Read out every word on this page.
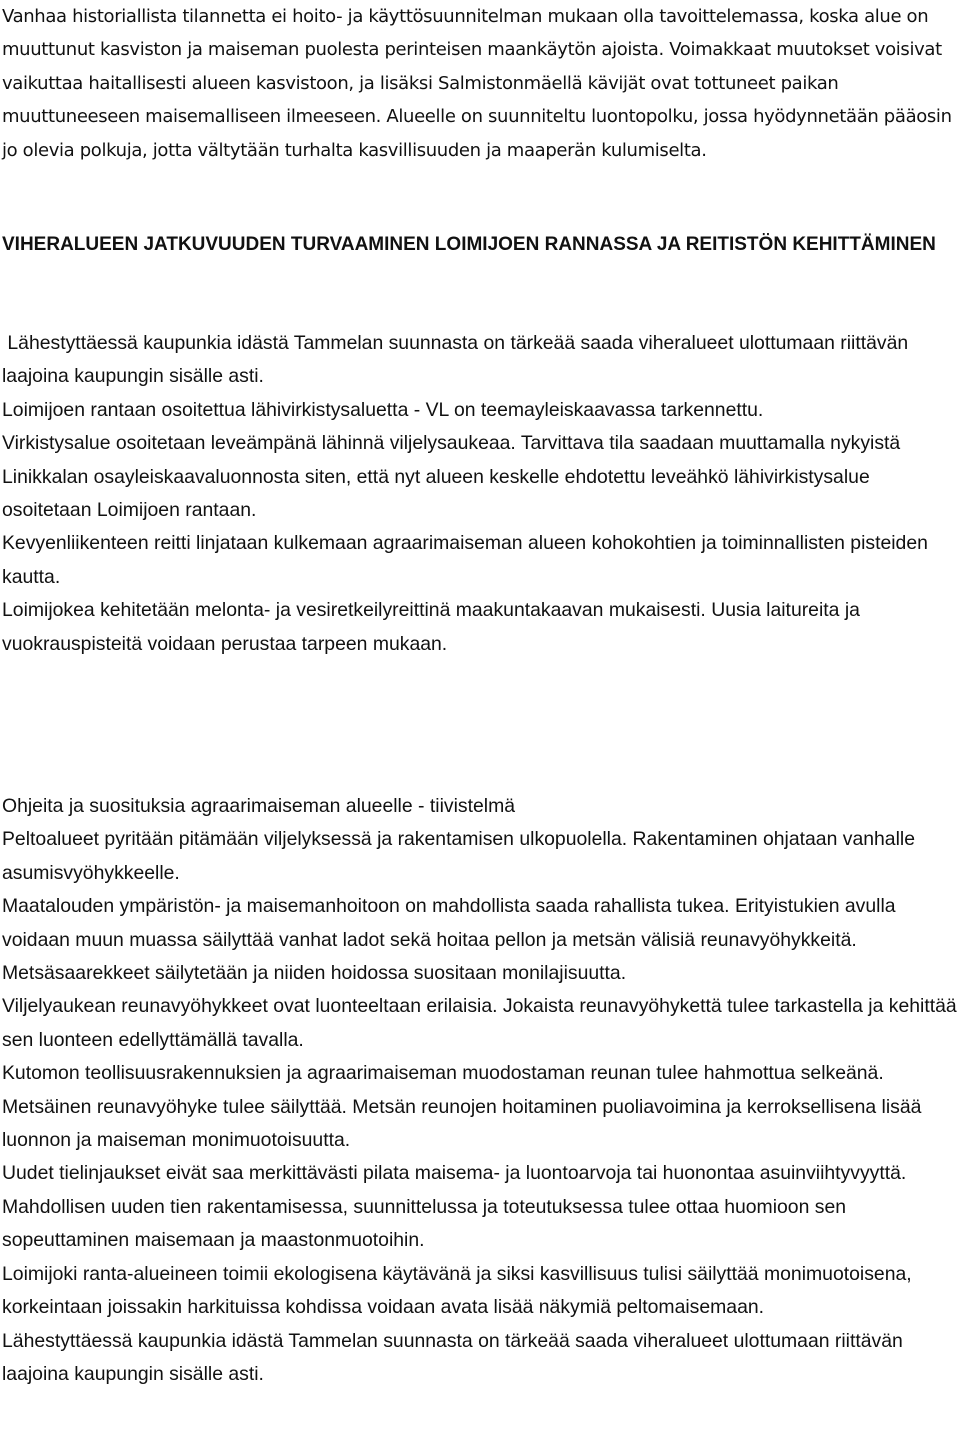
Vanhaa historiallista tilannetta ei hoito- ja käyttösuunnitelman mukaan olla tavoittelemassa, koska alue on muuttunut kasviston ja maiseman puolesta perinteisen maankäytön ajoista. Voimakkaat muutokset voisivat vaikuttaa haitallisesti alueen kasvistoon, ja lisäksi Salmistonmäellä kävijät ovat tottuneet paikan muuttuneeseen maisemalliseen ilmeeseen. Alueelle on suunniteltu luontopolku, jossa hyödynnetään pääosin jo olevia polkuja, jotta vältytään turhalta kasvillisuuden ja maaperän kulumiselta.

VIHERALUEEN JATKUVUUDEN TURVAAMINEN LOIMIJOEN RANNASSA JA REITISTÖN KEHITTÄMINEN

Lähestyttäessä kaupunkia idästä Tammelan suunnasta on tärkeää saada viheralueet ulottumaan riittävän laajoina kaupungin sisälle asti.

Loimijoen rantaan osoitettua lähivirkistysaluetta - VL on teemayleiskaavassa tarkennettu.

Virkistysalue osoitetaan leveämpänä lähinnä viljelysaukeaa. Tarvittava tila saadaan muuttamalla nykyistä Linikkalan osayleiskaavaluonnosta siten, että nyt alueen keskelle ehdotettu leveähkö lähivirkistysalue osoitetaan Loimijoen rantaan.

Kevyenliikenteen reitti linjataan kulkemaan agraarimaiseman alueen kohokohtien ja toiminnallisten pisteiden kautta.

Loimijokea kehitetään melonta- ja vesiretkeilyreittinä maakuntakaavan mukaisesti. Uusia laitureita ja vuokrauspisteitä voidaan perustaa tarpeen mukaan.

Ohjeita ja suosituksia agraarimaiseman alueelle - tiivistelmä

Peltoalueet pyritään pitämään viljelyksessä ja rakentamisen ulkopuolella. Rakentaminen ohjataan vanhalle asumisvyöhykkeelle.

Maatalouden ympäristön- ja maisemanhoitoon on mahdollista saada rahallista tukea. Erityistukien avulla voidaan muun muassa säilyttää vanhat ladot sekä hoitaa pellon ja metsän välisiä reunavyöhykkeitä.

Metsäsaarekkeet säilytetään ja niiden hoidossa suositaan monilajisuutta.

Viljelyaukean reunavyöhykkeet ovat luonteeltaan erilaisia. Jokaista reunavyöhykettä tulee tarkastella ja kehittää sen luonteen edellyttämällä tavalla.

Kutomon teollisuusrakennuksien ja agraarimaiseman muodostaman reunan tulee hahmottua selkeänä. Metsäinen reunavyöhyke tulee säilyttää. Metsän reunojen hoitaminen puoliavoimina ja kerroksellisena lisää luonnon ja maiseman monimuotoisuutta.

Uudet tielinjaukset eivät saa merkittävästi pilata maisema- ja luontoarvoja tai huonontaa asuinviihtyvyyttä.  Mahdollisen uuden tien rakentamisessa, suunnittelussa ja toteutuksessa tulee ottaa huomioon sen sopeuttaminen maisemaan ja maastonmuotoihin.

Loimijoki ranta-alueineen toimii ekologisena käytävänä ja siksi kasvillisuus tulisi säilyttää monimuotoisena, korkeintaan joissakin harkituissa kohdissa voidaan avata lisää näkymiä peltomaisemaan.

Lähestyttäessä kaupunkia idästä Tammelan suunnasta on tärkeää saada viheralueet ulottumaan riittävän laajoina kaupungin sisälle asti.
